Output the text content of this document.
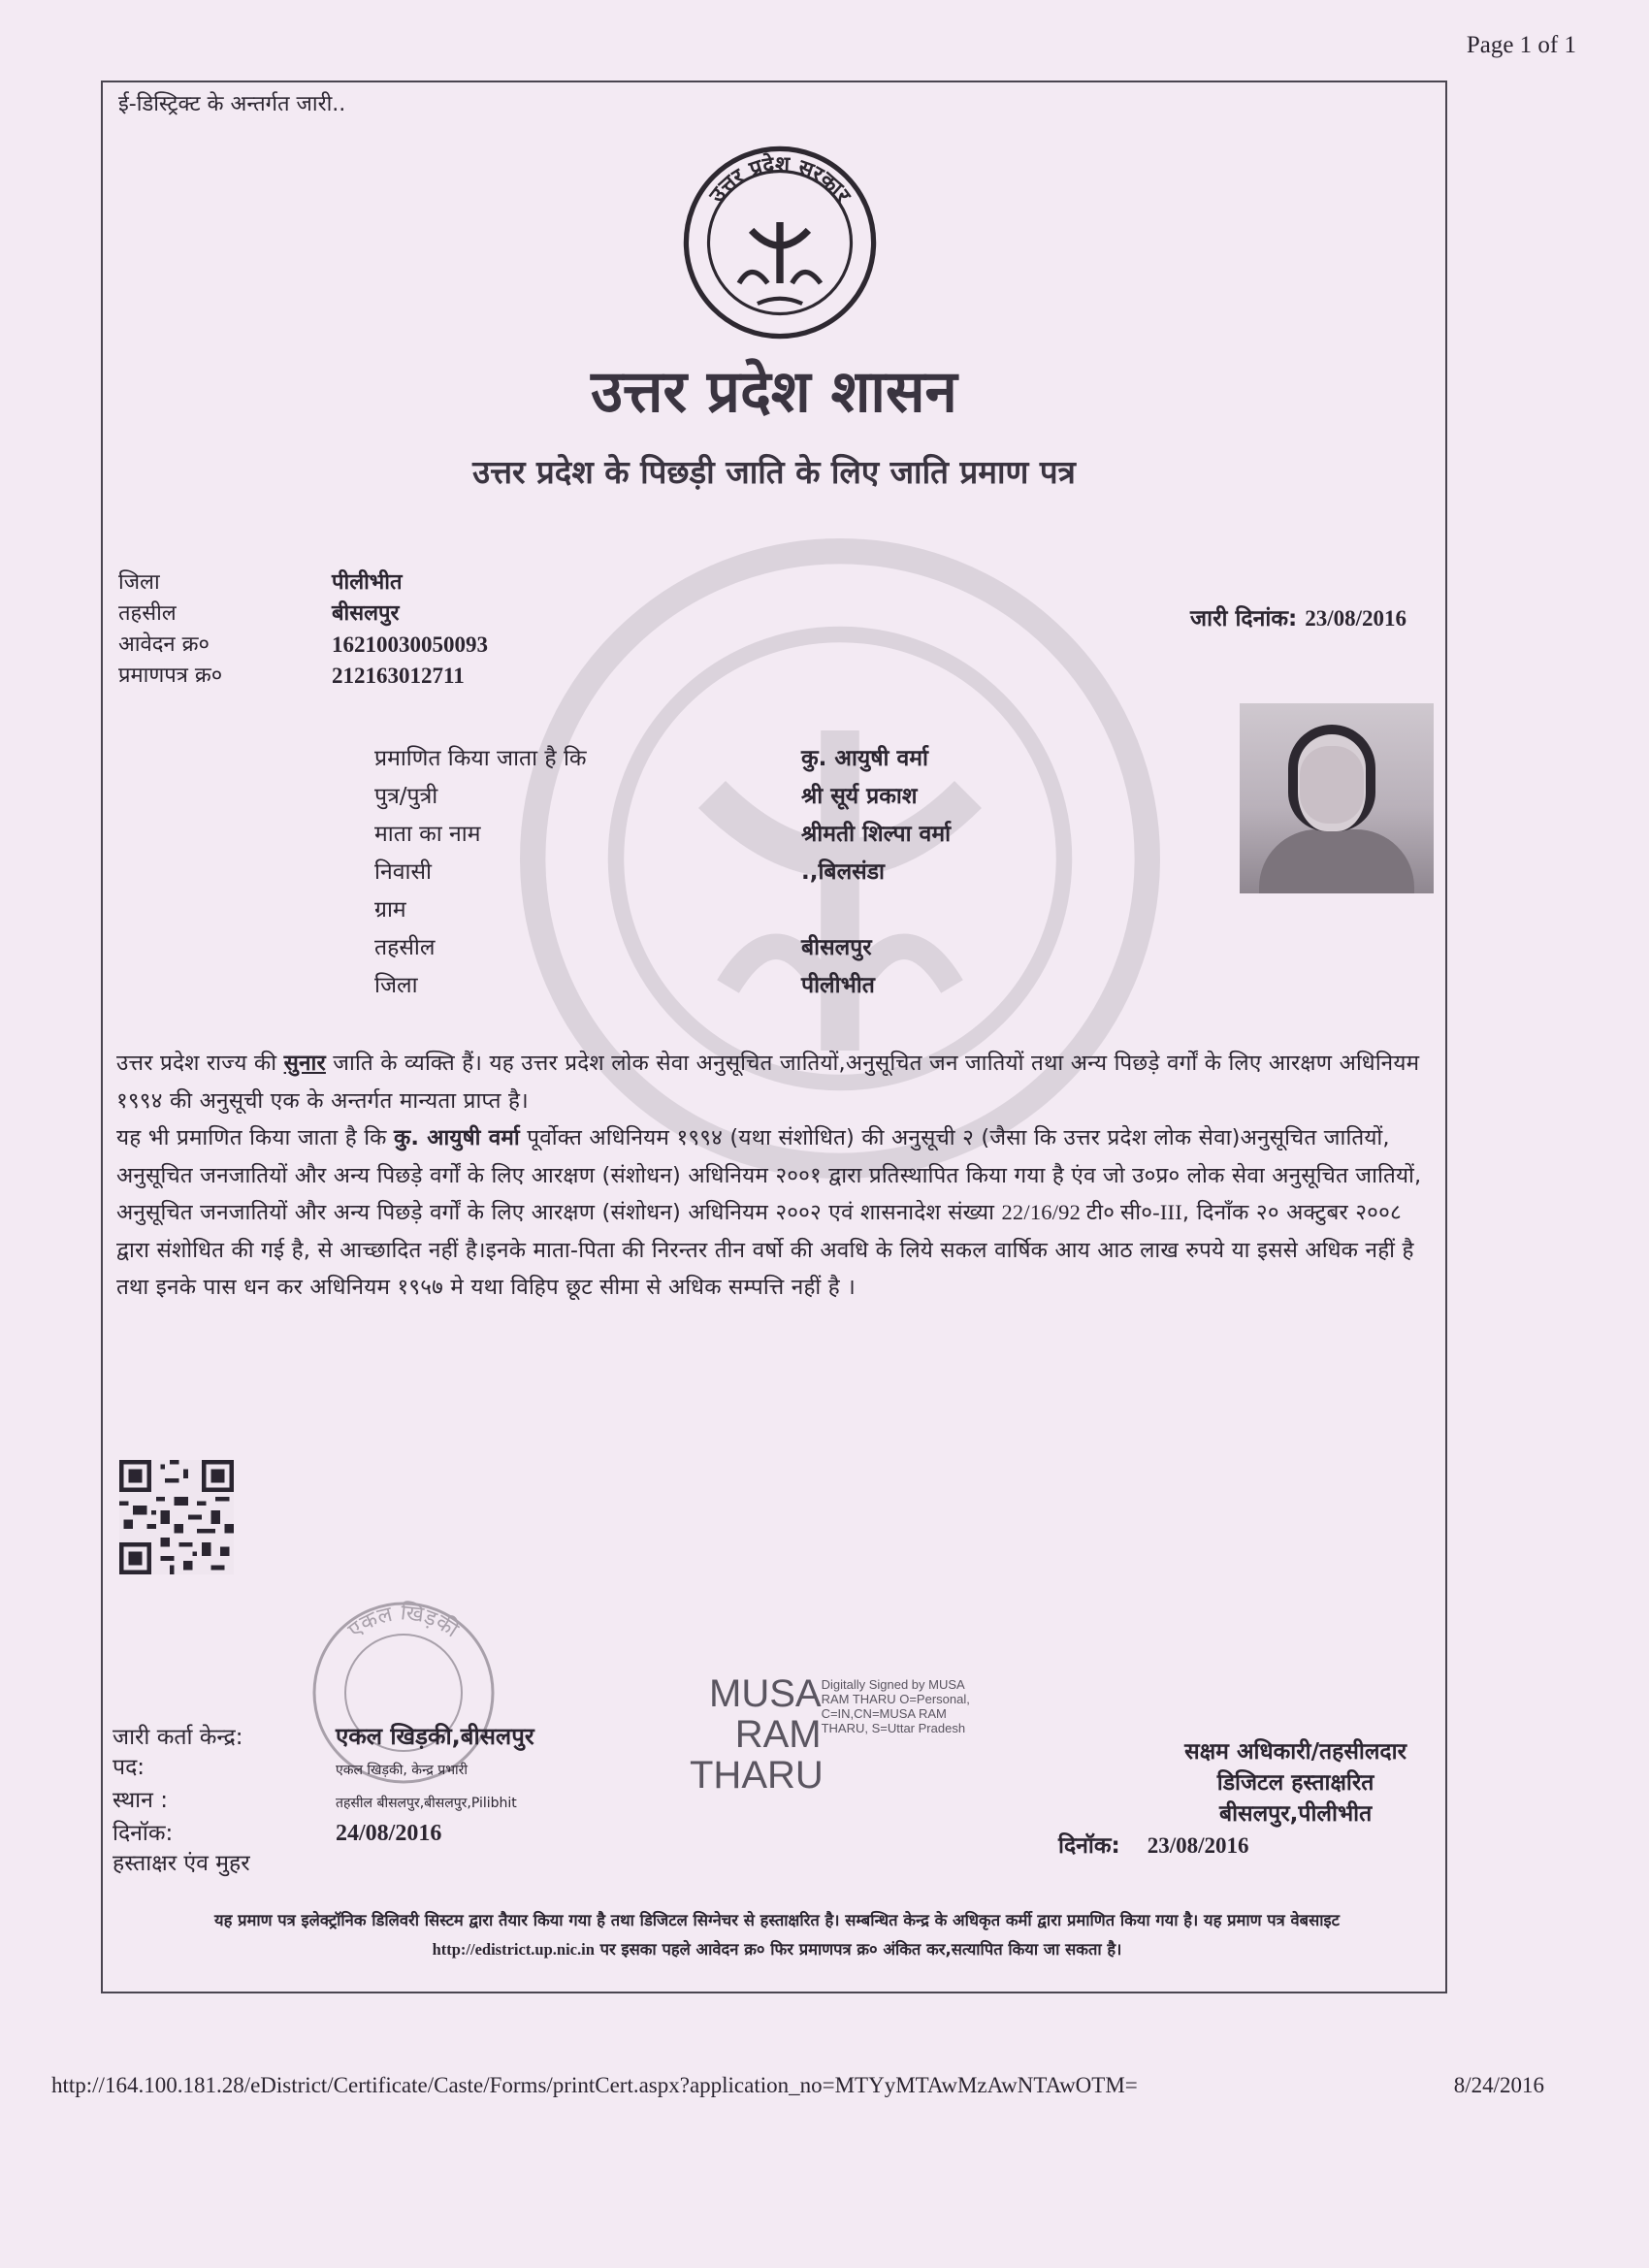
Page 1 of 1
ई-डिस्ट्रिक्ट के अन्तर्गत जारी..
उत्तर प्रदेश सरकार
उत्तर प्रदेश शासन
उत्तर प्रदेश के पिछड़ी जाति के लिए जाति प्रमाण पत्र
जिला	पीलीभीत
तहसील	बीसलपुर
आवेदन क्र०	16210030050093
प्रमाणपत्र क्र०	212163012711
जारी दिनांक: 23/08/2016
प्रमाणित किया जाता है कि	कु. आयुषी वर्मा
पुत्र/पुत्री	श्री सूर्य प्रकाश
माता का नाम	श्रीमती शिल्पा वर्मा
निवासी	.,बिलसंडा
ग्राम
तहसील	बीसलपुर
जिला	पीलीभीत
उत्तर प्रदेश राज्य की सुनार जाति के व्यक्ति हैं। यह उत्तर प्रदेश लोक सेवा अनुसूचित जातियों,अनुसूचित जन जातियों तथा अन्य पिछड़े वर्गों के लिए आरक्षण अधिनियम १९९४ की अनुसूची एक के अन्तर्गत मान्यता प्राप्त है।
यह भी प्रमाणित किया जाता है कि कु. आयुषी वर्मा पूर्वोक्त अधिनियम १९९४ (यथा संशोधित) की अनुसूची २ (जैसा कि उत्तर प्रदेश लोक सेवा)अनुसूचित जातियों, अनुसूचित जनजातियों और अन्य पिछड़े वर्गों के लिए आरक्षण (संशोधन) अधिनियम २००१ द्वारा प्रतिस्थापित किया गया है एंव जो उ०प्र० लोक सेवा अनुसूचित जातियों, अनुसूचित जनजातियों और अन्य पिछड़े वर्गों के लिए आरक्षण (संशोधन) अधिनियम २००२ एवं शासनादेश संख्या 22/16/92 टी० सी०-III, दिनाँक २० अक्टुबर २००८ द्वारा संशोधित की गई है, से आच्छादित नहीं है।इनके माता-पिता की निरन्तर तीन वर्षो की अवधि के लिये सकल वार्षिक आय आठ लाख रुपये या इससे अधिक नहीं है तथा इनके पास धन कर अधिनियम १९५७ मे यथा विहिप छूट सीमा से अधिक सम्पत्ति नहीं है ।
एकल खिड़की
जारी कर्ता केन्द्र:	एकल खिड़की,बीसलपुर
पद:	एकल खिड़की, केन्द्र प्रभारी
स्थान :	तहसील बीसलपुर,बीसलपुर,Pilibhit
दिनॉक:	24/08/2016
हस्ताक्षर एंव मुहर
MUSA
RAM
Digitally Signed by MUSA
RAM THARU O=Personal,
C=IN,CN=MUSA RAM
THARU, S=Uttar Pradesh
THARU
सक्षम अधिकारी/तहसीलदार
डिजिटल हस्ताक्षरित
बीसलपुर,पीलीभीत
दिनॉक: 23/08/2016
यह प्रमाण पत्र इलेक्ट्रॉनिक डिलिवरी सिस्टम द्वारा तैयार किया गया है तथा डिजिटल सिग्नेचर से हस्ताक्षरित है। सम्बन्धित केन्द्र के अधिकृत कर्मी द्वारा प्रमाणित किया गया है। यह प्रमाण पत्र वेबसाइट http://edistrict.up.nic.in पर इसका पहले आवेदन क्र० फिर प्रमाणपत्र क्र० अंकित कर,सत्यापित किया जा सकता है।
http://164.100.181.28/eDistrict/Certificate/Caste/Forms/printCert.aspx?application_no=MTYyMTAwMzAwNTAwOTM=	8/24/2016
